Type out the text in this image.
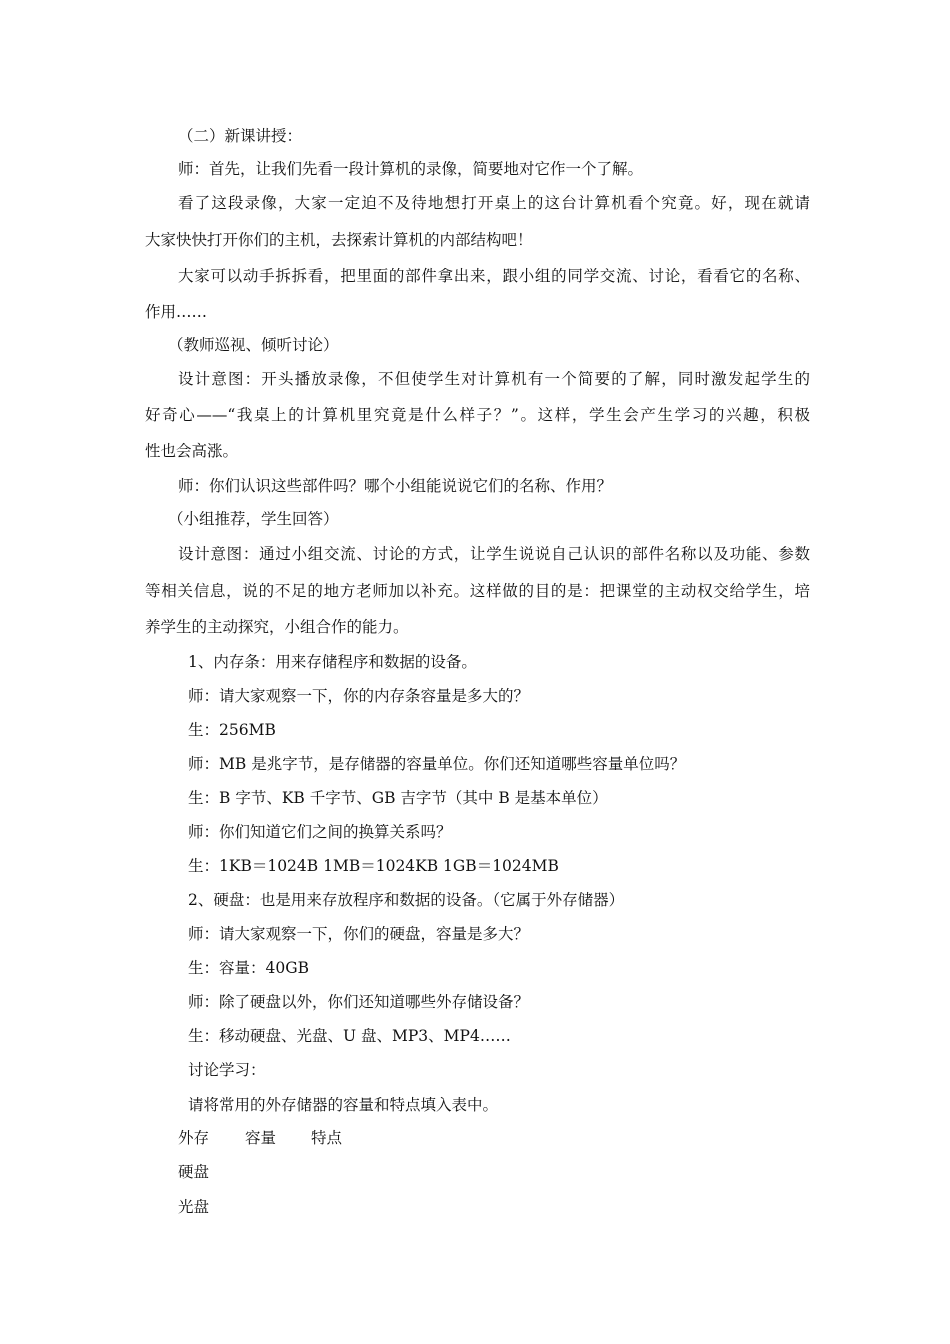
（二）新课讲授：
师：首先，让我们先看一段计算机的录像，简要地对它作一个了解。
看了这段录像，大家一定迫不及待地想打开桌上的这台计算机看个究竟。好，现在就请
大家快快打开你们的主机，去探索计算机的内部结构吧！
大家可以动手拆拆看，把里面的部件拿出来，跟小组的同学交流、讨论，看看它的名称、
作用……
（教师巡视、倾听讨论）
设计意图：开头播放录像，不但使学生对计算机有一个简要的了解，同时激发起学生的
好奇心——“我桌上的计算机里究竟是什么样子？”。这样，学生会产生学习的兴趣，积极
性也会高涨。
师：你们认识这些部件吗？哪个小组能说说它们的名称、作用？
（小组推荐，学生回答）
设计意图：通过小组交流、讨论的方式，让学生说说自己认识的部件名称以及功能、参数
等相关信息，说的不足的地方老师加以补充。这样做的目的是：把课堂的主动权交给学生，培
养学生的主动探究，小组合作的能力。
1、内存条：用来存储程序和数据的设备。
师：请大家观察一下，你的内存条容量是多大的？
生：256MB
师：MB 是兆字节，是存储器的容量单位。你们还知道哪些容量单位吗？
生：B 字节、KB 千字节、GB 吉字节（其中 B 是基本单位）
师：你们知道它们之间的换算关系吗？
生：1KB＝1024B 1MB＝1024KB 1GB＝1024MB
2、硬盘：也是用来存放程序和数据的设备。（它属于外存储器）
师：请大家观察一下，你们的硬盘，容量是多大？
生：容量：40GB
师：除了硬盘以外，你们还知道哪些外存储设备？
生：移动硬盘、光盘、U 盘、MP3、MP4……
讨论学习：
请将常用的外存储器的容量和特点填入表中。
外存 容量 特点
硬盘
光盘
